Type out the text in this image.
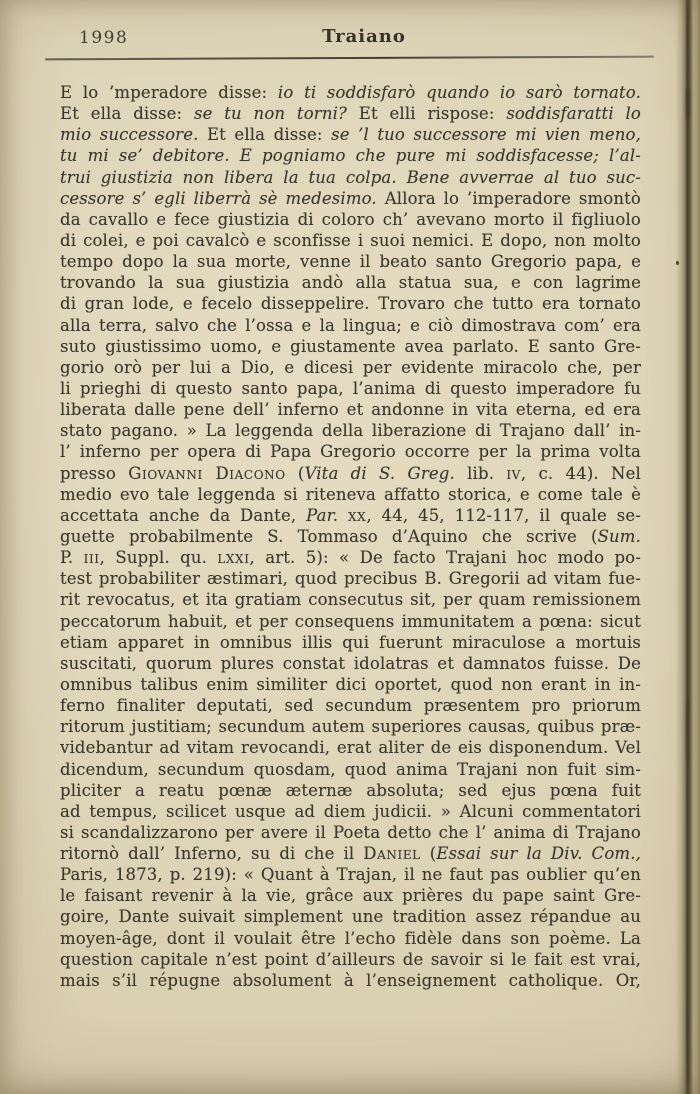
1998	Traiano
E lo ’mperadore disse: io ti soddisfarò quando io sarò tornato.
Et ella disse: se tu non torni? Et elli rispose: soddisfaratti lo
mio successore. Et ella disse: se ’l tuo successore mi vien meno,
tu mi se’ debitore. E pogniamo che pure mi soddisfacesse; l’al-
trui giustizia non libera la tua colpa. Bene avverrae al tuo suc-
cessore s’ egli liberrà sè medesimo. Allora lo ’imperadore smontò
da cavallo e fece giustizia di coloro ch’ avevano morto il figliuolo
di colei, e poi cavalcò e sconfisse i suoi nemici. E dopo, non molto
tempo dopo la sua morte, venne il beato santo Gregorio papa, e
trovando la sua giustizia andò alla statua sua, e con lagrime
di gran lode, e fecelo disseppelire. Trovaro che tutto era tornato
alla terra, salvo che l’ossa e la lingua; e ciò dimostrava com’ era
suto giustissimo uomo, e giustamente avea parlato. E santo Gre-
gorio orò per lui a Dio, e dicesi per evidente miracolo che, per
li prieghi di questo santo papa, l’anima di questo imperadore fu
liberata dalle pene dell’ inferno et andonne in vita eterna, ed era
stato pagano. » La leggenda della liberazione di Trajano dall’ in-
l’ inferno per opera di Papa Gregorio occorre per la prima volta
presso Giovanni Diacono (Vita di S. Greg. lib. iv, c. 44). Nel
medio evo tale leggenda si riteneva affatto storica, e come tale è
accettata anche da Dante, Par. xx, 44, 45, 112-117, il quale se-
guette probabilmente S. Tommaso d’Aquino che scrive (Sum.
P. iii, Suppl. qu. lxxi, art. 5): « De facto Trajani hoc modo po-
test probabiliter æstimari, quod precibus B. Gregorii ad vitam fue-
rit revocatus, et ita gratiam consecutus sit, per quam remissionem
peccatorum habuit, et per consequens immunitatem a pœna: sicut
etiam apparet in omnibus illis qui fuerunt miraculose a mortuis
suscitati, quorum plures constat idolatras et damnatos fuisse. De
omnibus talibus enim similiter dici oportet, quod non erant in in-
ferno finaliter deputati, sed secundum præsentem pro priorum
ritorum justitiam; secundum autem superiores causas, quibus præ-
videbantur ad vitam revocandi, erat aliter de eis disponendum. Vel
dicendum, secundum quosdam, quod anima Trajani non fuit sim-
pliciter a reatu pœnæ æternæ absoluta; sed ejus pœna fuit
ad tempus, scilicet usque ad diem judicii. » Alcuni commentatori
si scandalizzarono per avere il Poeta detto che l’ anima di Trajano
ritornò dall’ Inferno, su di che il Daniel (Essai sur la Div. Com.,
Paris, 1873, p. 219): « Quant à Trajan, il ne faut pas oublier qu’en
le faisant revenir à la vie, grâce aux prières du pape saint Gre-
goire, Dante suivait simplement une tradition assez répandue au
moyen-âge, dont il voulait être l’echo fidèle dans son poème. La
question capitale n’est point d’ailleurs de savoir si le fait est vrai,
mais s’il répugne absolument à l’enseignement catholique. Or,
